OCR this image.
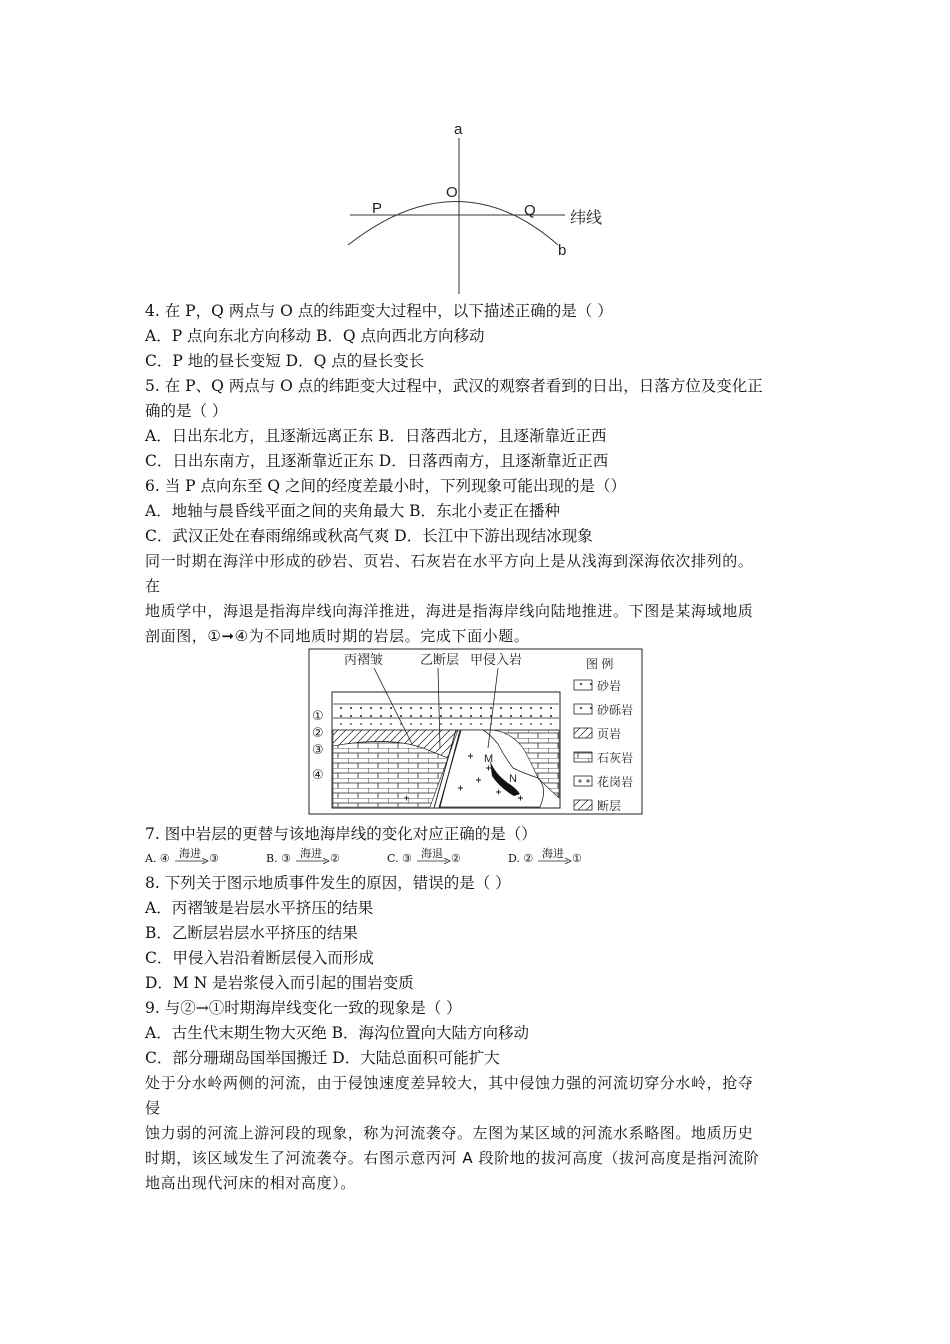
a
O
P	Q 纬线
b
4. 在 P，Q 两点与 O 点的纬距变大过程中，以下描述正确的是（ ）
A．P 点向东北方向移动 B．Q 点向西北方向移动
C．P 地的昼长变短 D．Q 点的昼长变长
5. 在 P、Q 两点与 O 点的纬距变大过程中，武汉的观察者看到的日出，日落方位及变化正
确的是（ ）
A．日出东北方，且逐渐远离正东 B．日落西北方，且逐渐靠近正西
C．日出东南方，且逐渐靠近正东 D．日落西南方，且逐渐靠近正西
6. 当 P 点向东至 Q 之间的经度差最小时，下列现象可能出现的是（）
A．地轴与晨昏线平面之间的夹角最大 B．东北小麦正在播种
C．武汉正处在春雨绵绵或秋高气爽 D．长江中下游出现结冰现象
同一时期在海洋中形成的砂岩、页岩、石灰岩在水平方向上是从浅海到深海依次排列的。
在
地质学中，海退是指海岸线向海洋推进，海进是指海岸线向陆地推进。下图是某海域地质
剖面图，①➞④为不同地质时期的岩层。完成下面小题。
丙褶皱	乙断层 甲侵入岩
①
②
③
④
M
N
图 例
砂岩
砂砾岩
页岩
石灰岩
花岗岩
断层
7. 图中岩层的更替与该地海岸线的变化对应正确的是（）
A. ④ 海进 ③	B. ③ 海进 ②	C. ③ 海退 ②	D. ② 海进 ①
8. 下列关于图示地质事件发生的原因，错误的是（ ）
A．丙褶皱是岩层水平挤压的结果
B．乙断层岩层水平挤压的结果
C．甲侵入岩沿着断层侵入而形成
D．M N 是岩浆侵入而引起的围岩变质
9. 与②→①时期海岸线变化一致的现象是（ ）
A．古生代末期生物大灭绝 B．海沟位置向大陆方向移动
C．部分珊瑚岛国举国搬迁 D．大陆总面积可能扩大
处于分水岭两侧的河流，由于侵蚀速度差异较大，其中侵蚀力强的河流切穿分水岭，抢夺
侵
蚀力弱的河流上游河段的现象，称为河流袭夺。左图为某区域的河流水系略图。地质历史
时期，该区域发生了河流袭夺。右图示意丙河 A 段阶地的拔河高度（拔河高度是指河流阶
地高出现代河床的相对高度）。
